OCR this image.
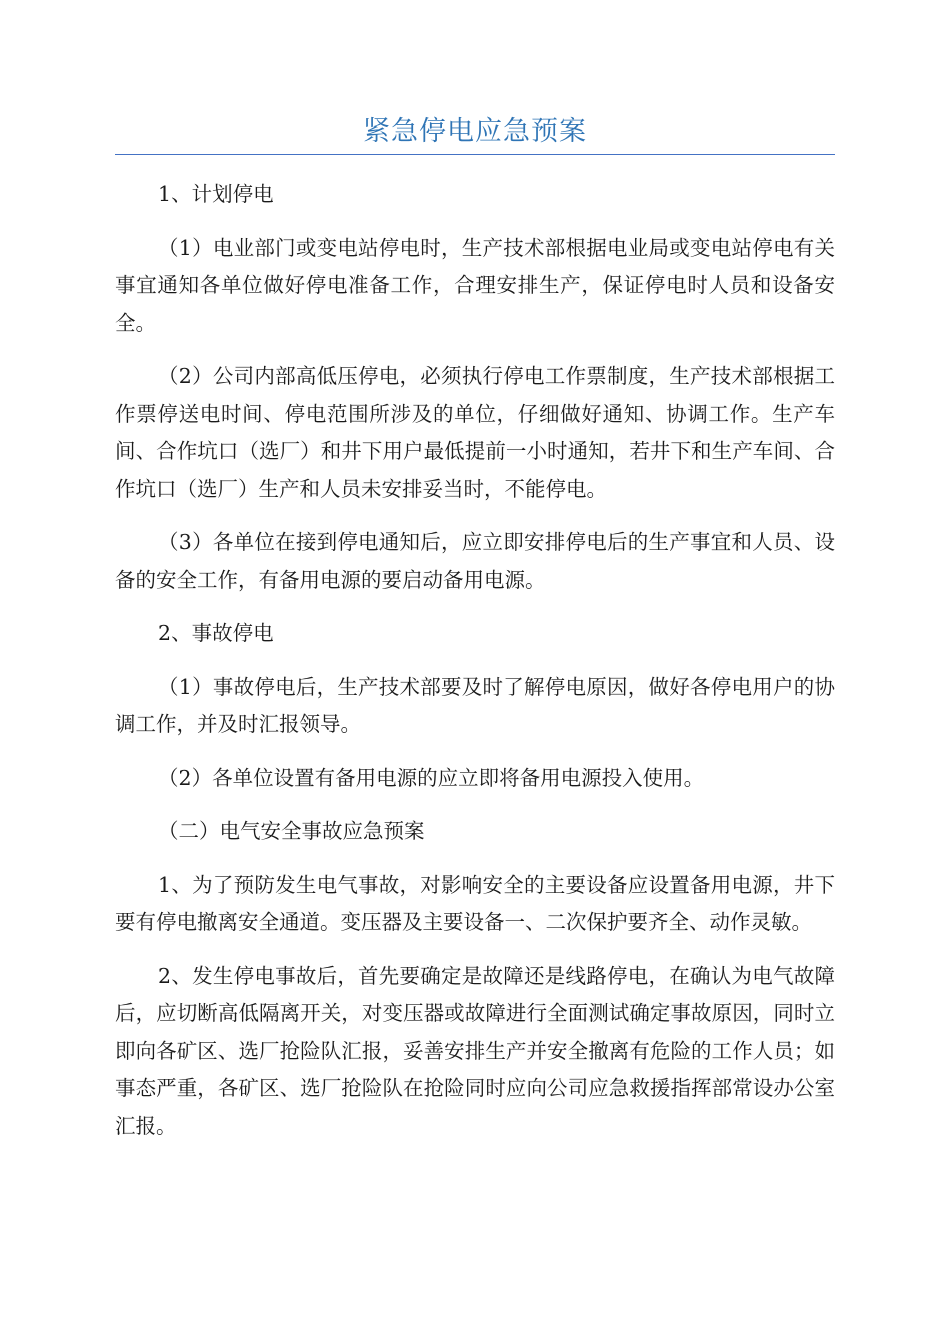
紧急停电应急预案

1、计划停电

（1）电业部门或变电站停电时，生产技术部根据电业局或变电站停电有关事宜通知各单位做好停电准备工作，合理安排生产，保证停电时人员和设备安全。

（2）公司内部高低压停电，必须执行停电工作票制度，生产技术部根据工作票停送电时间、停电范围所涉及的单位，仔细做好通知、协调工作。生产车间、合作坑口（选厂）和井下用户最低提前一小时通知，若井下和生产车间、合作坑口（选厂）生产和人员未安排妥当时，不能停电。

（3）各单位在接到停电通知后，应立即安排停电后的生产事宜和人员、设备的安全工作，有备用电源的要启动备用电源。

2、事故停电

（1）事故停电后，生产技术部要及时了解停电原因，做好各停电用户的协调工作，并及时汇报领导。

（2）各单位设置有备用电源的应立即将备用电源投入使用。

（二）电气安全事故应急预案

1、为了预防发生电气事故，对影响安全的主要设备应设置备用电源，井下要有停电撤离安全通道。变压器及主要设备一、二次保护要齐全、动作灵敏。

2、发生停电事故后，首先要确定是故障还是线路停电，在确认为电气故障后，应切断高低隔离开关，对变压器或故障进行全面测试确定事故原因，同时立即向各矿区、选厂抢险队汇报，妥善安排生产并安全撤离有危险的工作人员；如事态严重，各矿区、选厂抢险队在抢险同时应向公司应急救援指挥部常设办公室汇报。
